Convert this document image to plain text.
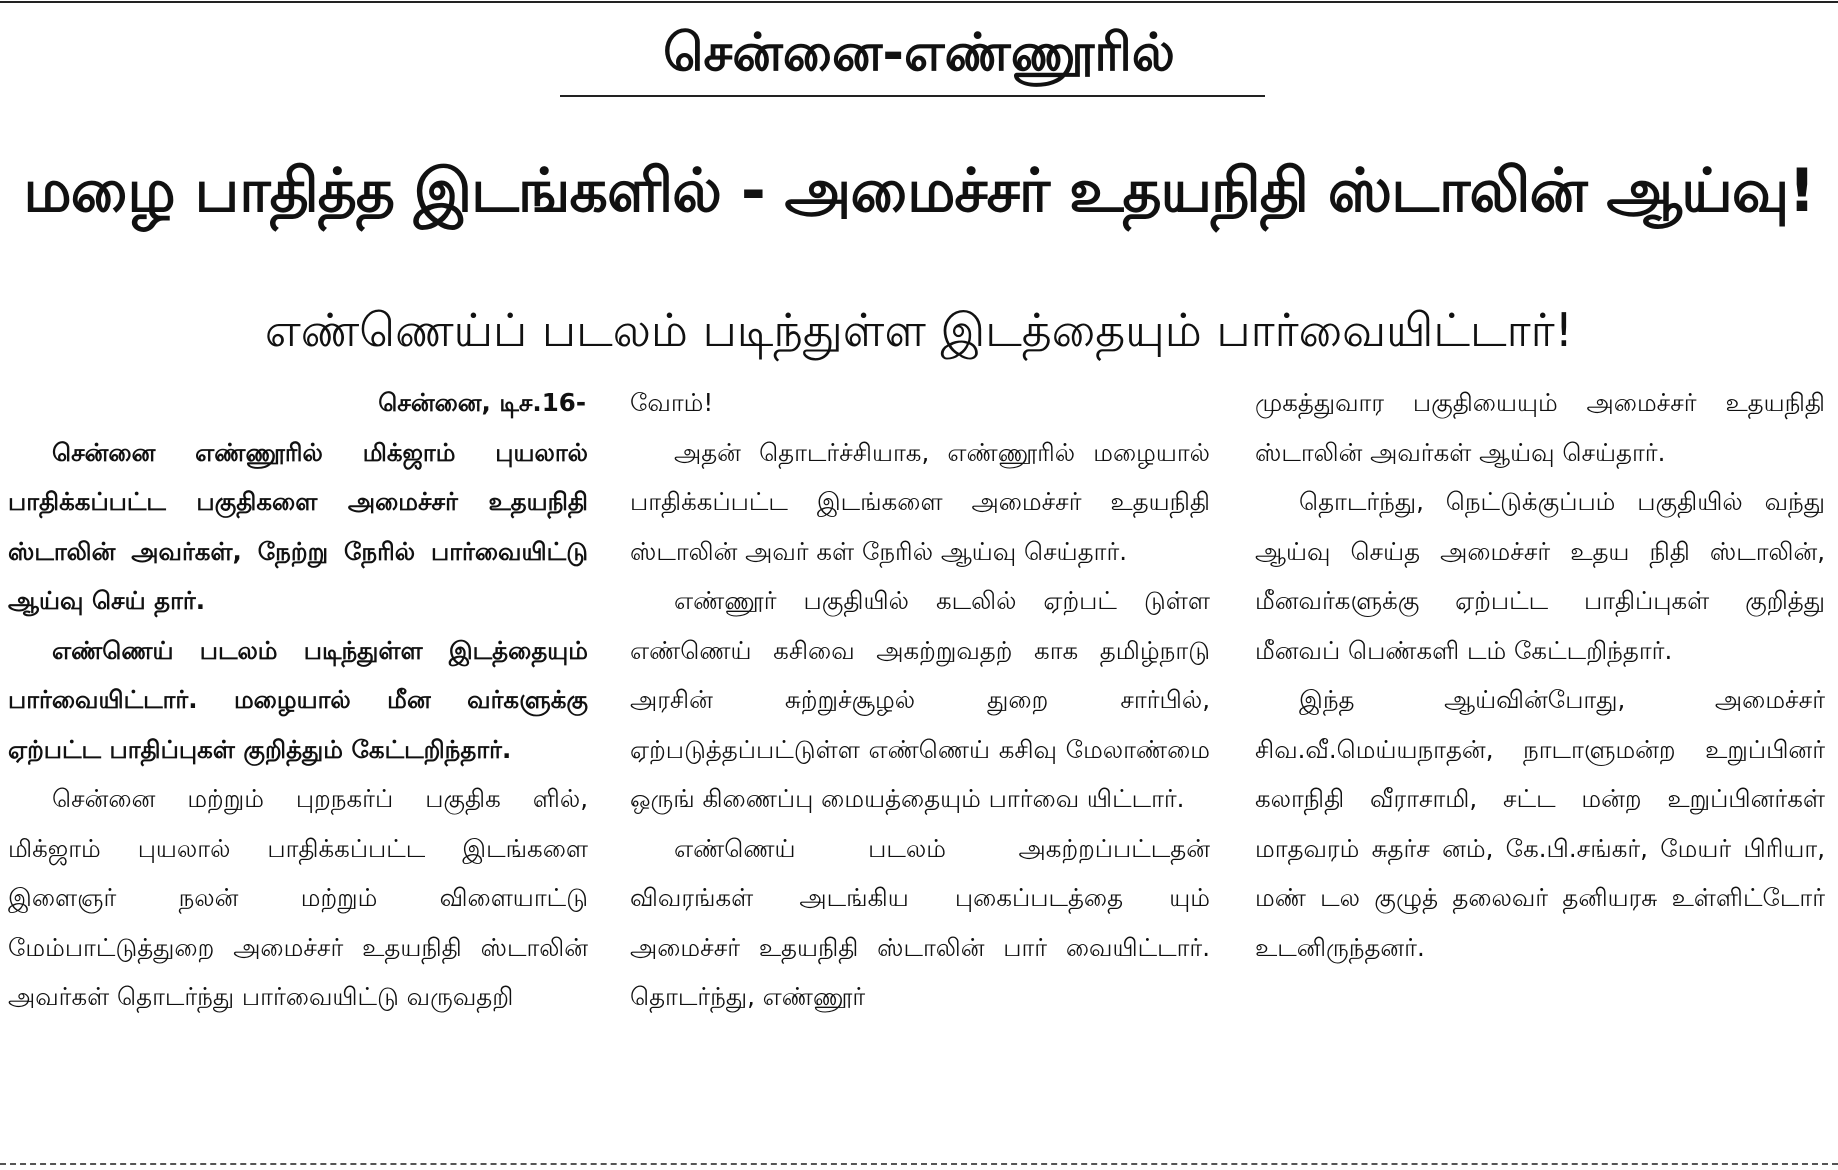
சென்னை-எண்ணூரில்
மழை பாதித்த இடங்களில் - அமைச்சர் உதயநிதி ஸ்டாலின் ஆய்வு!
எண்ணெய்ப் படலம் படிந்துள்ள இடத்தையும் பார்வையிட்டார்!

சென்னை, டிச.16-

சென்னை எண்ணூரில் மிக்ஜாம் புயலால் பாதிக்கப்பட்ட பகுதிகளை அமைச்சர் உதயநிதி ஸ்டாலின் அவர்கள், நேற்று நேரில் பார்வையிட்டு ஆய்வு செய் தார்.

எண்ணெய் படலம் படிந்துள்ள இடத்தையும் பார்வையிட்டார். மழையால் மீன வர்களுக்கு ஏற்பட்ட பாதிப்புகள் குறித்தும் கேட்டறிந்தார்.

சென்னை மற்றும் புறநகர்ப் பகுதிக ளில், மிக்ஜாம் புயலால் பாதிக்கப்பட்ட இடங்களை இளைஞர் நலன் மற்றும் விளையாட்டு மேம்பாட்டுத்துறை அமைச்சர் உதயநிதி ஸ்டாலின் அவர்கள் தொடர்ந்து பார்வையிட்டு வருவதறி

வோம்!

அதன் தொடர்ச்சியாக, எண்ணூரில் மழையால் பாதிக்கப்பட்ட இடங்களை அமைச்சர் உதயநிதி ஸ்டாலின் அவர் கள் நேரில் ஆய்வு செய்தார்.

எண்ணூர் பகுதியில் கடலில் ஏற்பட் டுள்ள எண்ணெய் கசிவை அகற்றுவதற் காக தமிழ்நாடு அரசின் சுற்றுச்சூழல் துறை சார்பில், ஏற்படுத்தப்பட்டுள்ள எண்ணெய் கசிவு மேலாண்மை ஒருங் கிணைப்பு மையத்தையும் பார்வை யிட்டார்.

எண்ணெய் படலம் அகற்றப்பட்டதன் விவரங்கள் அடங்கிய புகைப்படத்தை யும் அமைச்சர் உதயநிதி ஸ்டாலின் பார் வையிட்டார். தொடர்ந்து, எண்ணூர்

முகத்துவார பகுதியையும் அமைச்சர் உதயநிதி ஸ்டாலின் அவர்கள் ஆய்வு செய்தார்.

தொடர்ந்து, நெட்டுக்குப்பம் பகுதியில் வந்து ஆய்வு செய்த அமைச்சர் உதய நிதி ஸ்டாலின், மீனவர்களுக்கு ஏற்பட்ட பாதிப்புகள் குறித்து மீனவப் பெண்களி டம் கேட்டறிந்தார்.

இந்த ஆய்வின்போது, அமைச்சர் சிவ.வீ.மெய்யநாதன், நாடாளுமன்ற உறுப்பினர் கலாநிதி வீராசாமி, சட்ட மன்ற உறுப்பினர்கள் மாதவரம் சுதர்ச னம், கே.பி.சங்கர், மேயர் பிரியா, மண் டல குழுத் தலைவர் தனியரசு உள்ளிட்டோர் உடனிருந்தனர்.
